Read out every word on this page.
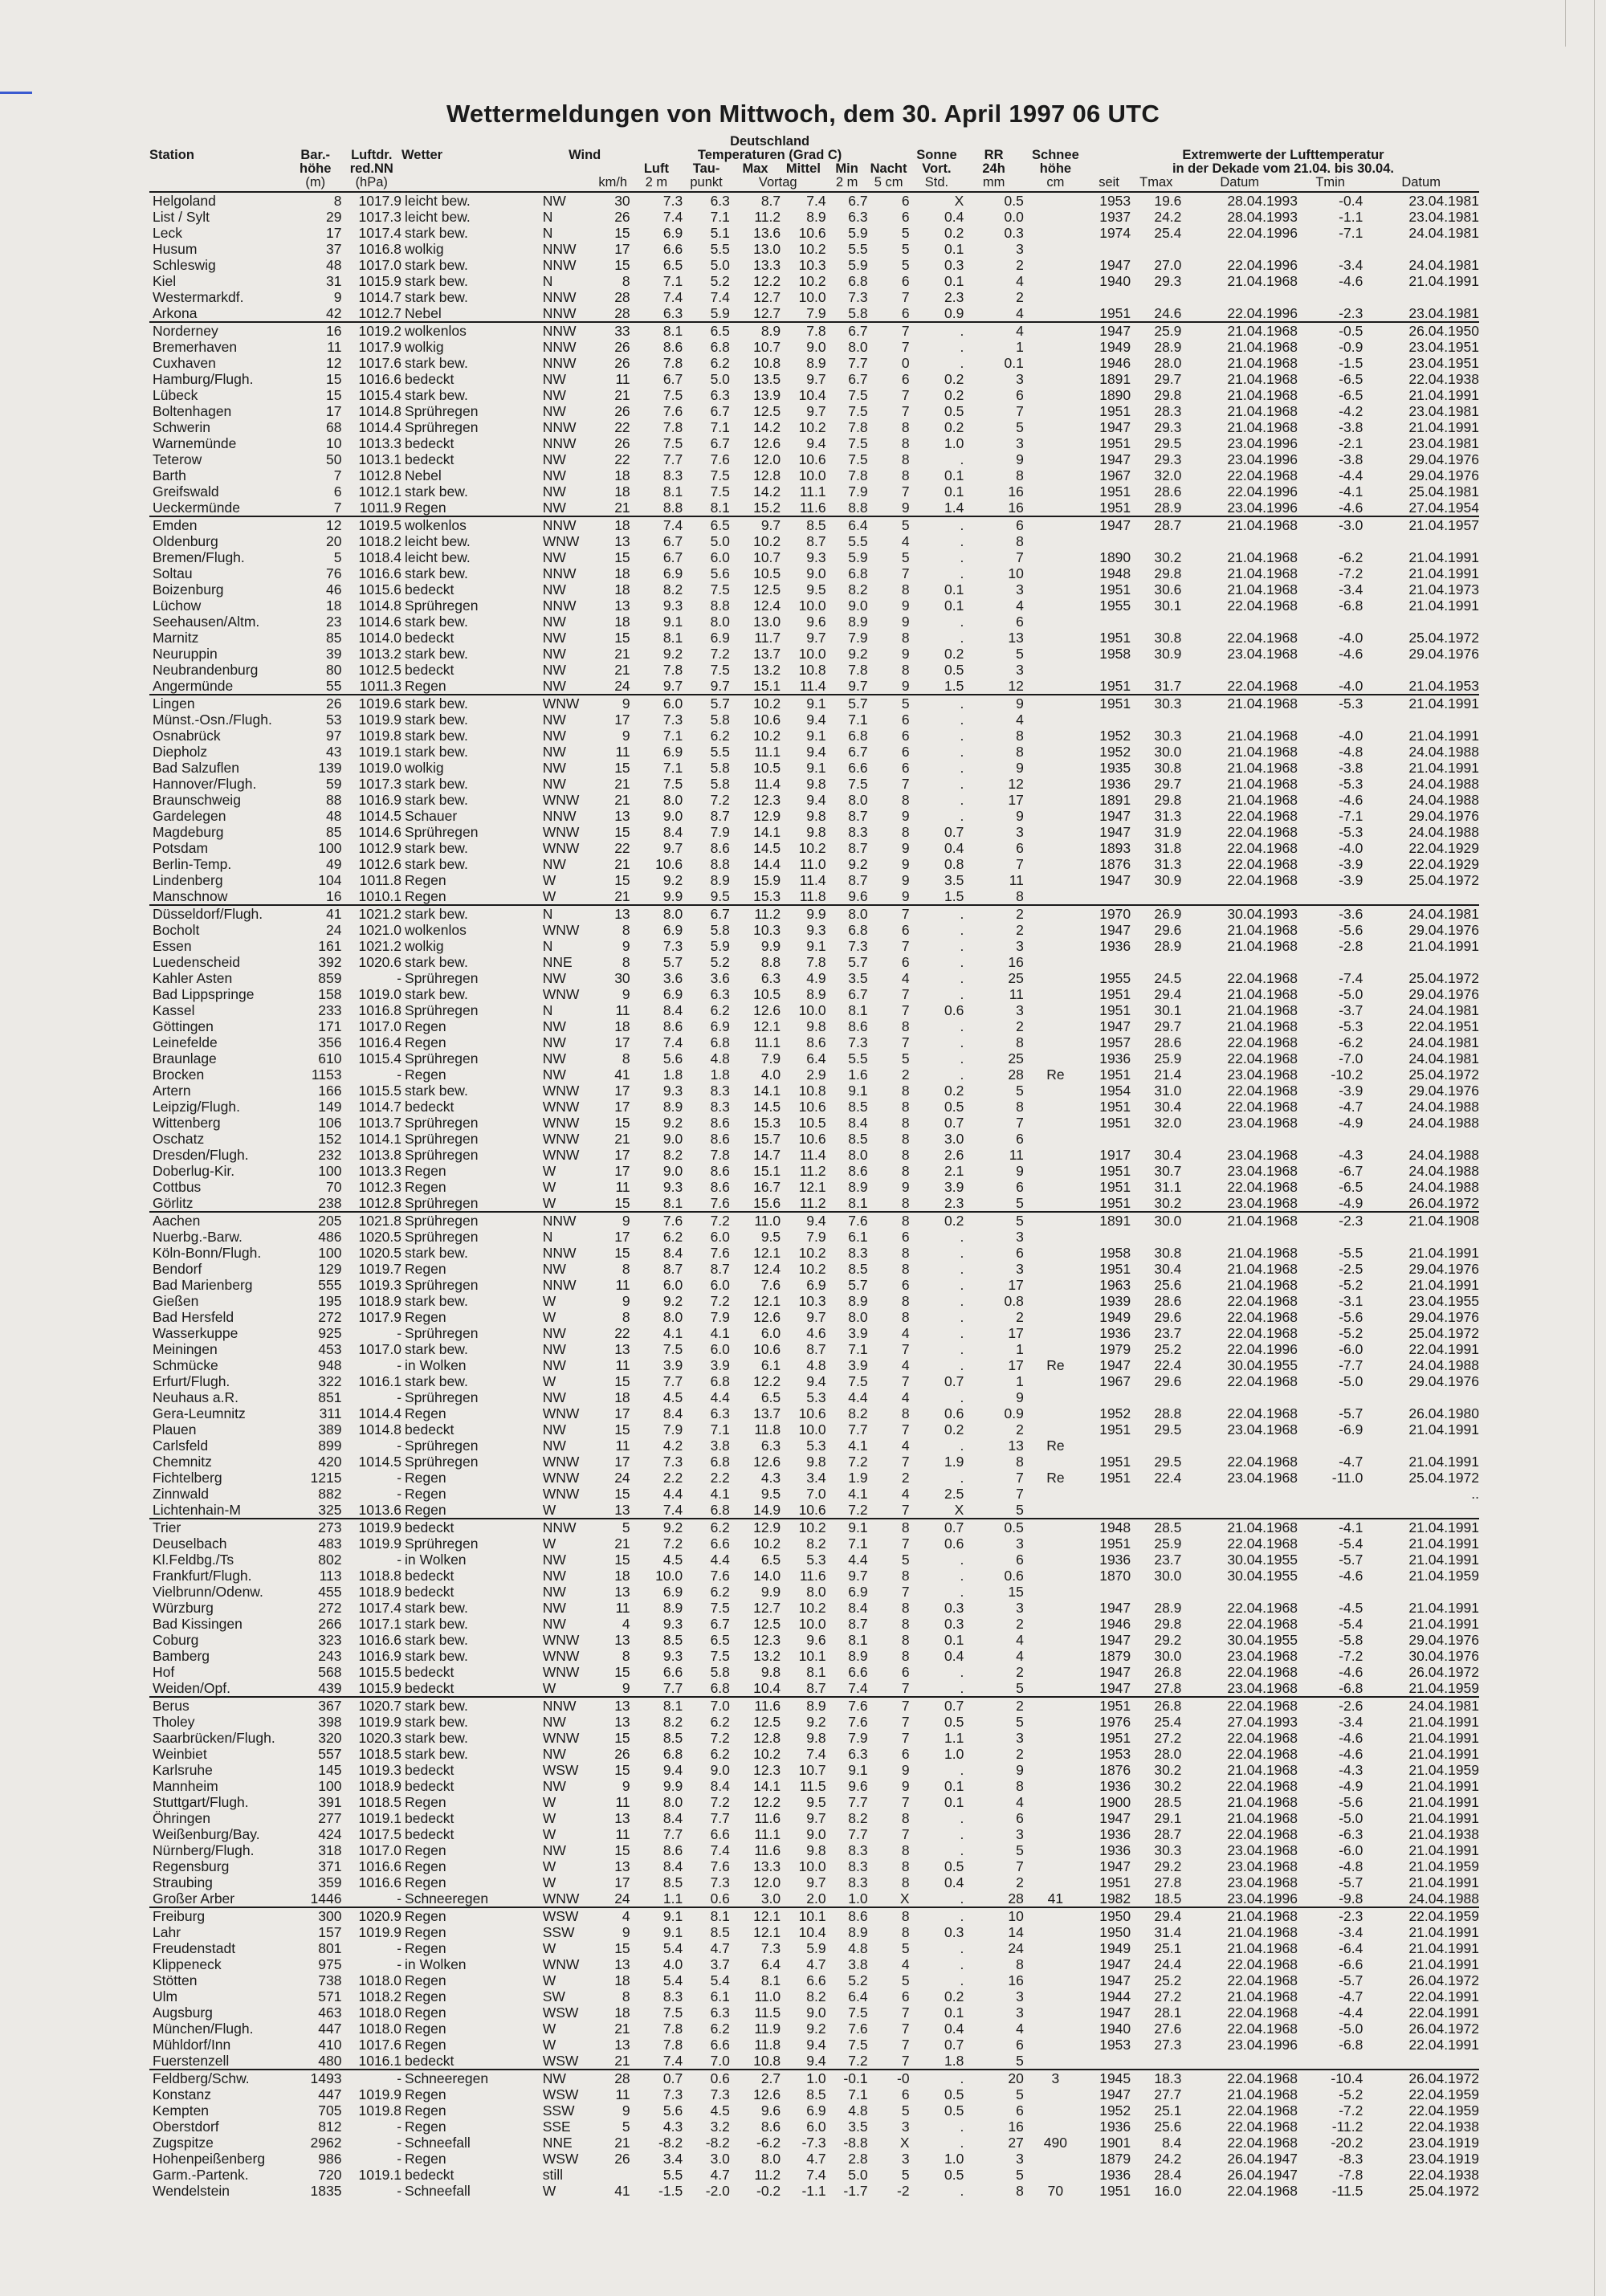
Wettermeldungen von Mittwoch, dem 30. April 1997 06 UTC
						Deutschland													
Station	Bar.-	Luftdr.	Wetter	Wind		Temperaturen (Grad C)						Sonne	RR	Schnee	Extremwerte der Lufttemperatur				
	höhe	red.NN				Luft	Tau-	Max	Mittel	Min	Nacht	Vort.	24h	höhe	in der Dekade vom 21.04. bis 30.04.				
	(m)	(hPa)			km/h	2 m	punkt	Vortag		2 m	5 cm	Std.	mm	cm	seit	Tmax	Datum	Tmin	Datum
Helgoland	8	1017.9	leicht bew.	NW	30	7.3	6.3	8.7	7.4	6.7	6	X	0.5		1953	19.6	28.04.1993	-0.4	23.04.1981
List / Sylt	29	1017.3	leicht bew.	N	26	7.4	7.1	11.2	8.9	6.3	6	0.4	0.0		1937	24.2	28.04.1993	-1.1	23.04.1981
Leck	17	1017.4	stark bew.	N	15	6.9	5.1	13.6	10.6	5.9	5	0.2	0.3		1974	25.4	22.04.1996	-7.1	24.04.1981
Husum	37	1016.8	wolkig	NNW	17	6.6	5.5	13.0	10.2	5.5	5	0.1	3						
Schleswig	48	1017.0	stark bew.	NNW	15	6.5	5.0	13.3	10.3	5.9	5	0.3	2		1947	27.0	22.04.1996	-3.4	24.04.1981
Kiel	31	1015.9	stark bew.	N	8	7.1	5.2	12.2	10.2	6.8	6	0.1	4		1940	29.3	21.04.1968	-4.6	21.04.1991
Westermarkdf.	9	1014.7	stark bew.	NNW	28	7.4	7.4	12.7	10.0	7.3	7	2.3	2						
Arkona	42	1012.7	Nebel	NNW	28	6.3	5.9	12.7	7.9	5.8	6	0.9	4		1951	24.6	22.04.1996	-2.3	23.04.1981
Norderney	16	1019.2	wolkenlos	NNW	33	8.1	6.5	8.9	7.8	6.7	7	.	4		1947	25.9	21.04.1968	-0.5	26.04.1950
Bremerhaven	11	1017.9	wolkig	NNW	26	8.6	6.8	10.7	9.0	8.0	7	.	1		1949	28.9	21.04.1968	-0.9	23.04.1951
Cuxhaven	12	1017.6	stark bew.	NNW	26	7.8	6.2	10.8	8.9	7.7	0	.	0.1		1946	28.0	21.04.1968	-1.5	23.04.1951
Hamburg/Flugh.	15	1016.6	bedeckt	NW	11	6.7	5.0	13.5	9.7	6.7	6	0.2	3		1891	29.7	21.04.1968	-6.5	22.04.1938
Lübeck	15	1015.4	stark bew.	NW	21	7.5	6.3	13.9	10.4	7.5	7	0.2	6		1890	29.8	21.04.1968	-6.5	21.04.1991
Boltenhagen	17	1014.8	Sprühregen	NW	26	7.6	6.7	12.5	9.7	7.5	7	0.5	7		1951	28.3	21.04.1968	-4.2	23.04.1981
Schwerin	68	1014.4	Sprühregen	NNW	22	7.8	7.1	14.2	10.2	7.8	8	0.2	5		1947	29.3	21.04.1968	-3.8	21.04.1991
Warnemünde	10	1013.3	bedeckt	NNW	26	7.5	6.7	12.6	9.4	7.5	8	1.0	3		1951	29.5	23.04.1996	-2.1	23.04.1981
Teterow	50	1013.1	bedeckt	NW	22	7.7	7.6	12.0	10.6	7.5	8	.	9		1947	29.3	23.04.1996	-3.8	29.04.1976
Barth	7	1012.8	Nebel	NW	18	8.3	7.5	12.8	10.0	7.8	8	0.1	8		1967	32.0	22.04.1968	-4.4	29.04.1976
Greifswald	6	1012.1	stark bew.	NW	18	8.1	7.5	14.2	11.1	7.9	7	0.1	16		1951	28.6	22.04.1996	-4.1	25.04.1981
Ueckermünde	7	1011.9	Regen	NW	21	8.8	8.1	15.2	11.6	8.8	9	1.4	16		1951	28.9	23.04.1996	-4.6	27.04.1954
Emden	12	1019.5	wolkenlos	NNW	18	7.4	6.5	9.7	8.5	6.4	5	.	6		1947	28.7	21.04.1968	-3.0	21.04.1957
Oldenburg	20	1018.2	leicht bew.	WNW	13	6.7	5.0	10.2	8.7	5.5	4	.	8						
Bremen/Flugh.	5	1018.4	leicht bew.	NW	15	6.7	6.0	10.7	9.3	5.9	5	.	7		1890	30.2	21.04.1968	-6.2	21.04.1991
Soltau	76	1016.6	stark bew.	NNW	18	6.9	5.6	10.5	9.0	6.8	7	.	10		1948	29.8	21.04.1968	-7.2	21.04.1991
Boizenburg	46	1015.6	bedeckt	NW	18	8.2	7.5	12.5	9.5	8.2	8	0.1	3		1951	30.6	21.04.1968	-3.4	21.04.1973
Lüchow	18	1014.8	Sprühregen	NNW	13	9.3	8.8	12.4	10.0	9.0	9	0.1	4		1955	30.1	22.04.1968	-6.8	21.04.1991
Seehausen/Altm.	23	1014.6	stark bew.	NW	18	9.1	8.0	13.0	9.6	8.9	9	.	6						
Marnitz	85	1014.0	bedeckt	NW	15	8.1	6.9	11.7	9.7	7.9	8	.	13		1951	30.8	22.04.1968	-4.0	25.04.1972
Neuruppin	39	1013.2	stark bew.	NW	21	9.2	7.2	13.7	10.0	9.2	9	0.2	5		1958	30.9	23.04.1968	-4.6	29.04.1976
Neubrandenburg	80	1012.5	bedeckt	NW	21	7.8	7.5	13.2	10.8	7.8	8	0.5	3						
Angermünde	55	1011.3	Regen	NW	24	9.7	9.7	15.1	11.4	9.7	9	1.5	12		1951	31.7	22.04.1968	-4.0	21.04.1953
Lingen	26	1019.6	stark bew.	WNW	9	6.0	5.7	10.2	9.1	5.7	5	.	9		1951	30.3	21.04.1968	-5.3	21.04.1991
Münst.-Osn./Flugh.	53	1019.9	stark bew.	NW	17	7.3	5.8	10.6	9.4	7.1	6	.	4						
Osnabrück	97	1019.8	stark bew.	NW	9	7.1	6.2	10.2	9.1	6.8	6	.	8		1952	30.3	21.04.1968	-4.0	21.04.1991
Diepholz	43	1019.1	stark bew.	NW	11	6.9	5.5	11.1	9.4	6.7	6	.	8		1952	30.0	21.04.1968	-4.8	24.04.1988
Bad Salzuflen	139	1019.0	wolkig	NW	15	7.1	5.8	10.5	9.1	6.6	6	.	9		1935	30.8	21.04.1968	-3.8	21.04.1991
Hannover/Flugh.	59	1017.3	stark bew.	NW	21	7.5	5.8	11.4	9.8	7.5	7	.	12		1936	29.7	21.04.1968	-5.3	24.04.1988
Braunschweig	88	1016.9	stark bew.	WNW	21	8.0	7.2	12.3	9.4	8.0	8	.	17		1891	29.8	21.04.1968	-4.6	24.04.1988
Gardelegen	48	1014.5	Schauer	NNW	13	9.0	8.7	12.9	9.8	8.7	9	.	9		1947	31.3	22.04.1968	-7.1	29.04.1976
Magdeburg	85	1014.6	Sprühregen	WNW	15	8.4	7.9	14.1	9.8	8.3	8	0.7	3		1947	31.9	22.04.1968	-5.3	24.04.1988
Potsdam	100	1012.9	stark bew.	WNW	22	9.7	8.6	14.5	10.2	8.7	9	0.4	6		1893	31.8	22.04.1968	-4.0	22.04.1929
Berlin-Temp.	49	1012.6	stark bew.	NW	21	10.6	8.8	14.4	11.0	9.2	9	0.8	7		1876	31.3	22.04.1968	-3.9	22.04.1929
Lindenberg	104	1011.8	Regen	W	15	9.2	8.9	15.9	11.4	8.7	9	3.5	11		1947	30.9	22.04.1968	-3.9	25.04.1972
Manschnow	16	1010.1	Regen	W	21	9.9	9.5	15.3	11.8	9.6	9	1.5	8						
Düsseldorf/Flugh.	41	1021.2	stark bew.	N	13	8.0	6.7	11.2	9.9	8.0	7	.	2		1970	26.9	30.04.1993	-3.6	24.04.1981
Bocholt	24	1021.0	wolkenlos	WNW	8	6.9	5.8	10.3	9.3	6.8	6	.	2		1947	29.6	21.04.1968	-5.6	29.04.1976
Essen	161	1021.2	wolkig	N	9	7.3	5.9	9.9	9.1	7.3	7	.	3		1936	28.9	21.04.1968	-2.8	21.04.1991
Luedenscheid	392	1020.6	stark bew.	NNE	8	5.7	5.2	8.8	7.8	5.7	6	.	16						
Kahler Asten	859	-	Sprühregen	NW	30	3.6	3.6	6.3	4.9	3.5	4	.	25		1955	24.5	22.04.1968	-7.4	25.04.1972
Bad Lippspringe	158	1019.0	stark bew.	WNW	9	6.9	6.3	10.5	8.9	6.7	7	.	11		1951	29.4	21.04.1968	-5.0	29.04.1976
Kassel	233	1016.8	Sprühregen	N	11	8.4	6.2	12.6	10.0	8.1	7	0.6	3		1951	30.1	21.04.1968	-3.7	24.04.1981
Göttingen	171	1017.0	Regen	NW	18	8.6	6.9	12.1	9.8	8.6	8	.	2		1947	29.7	21.04.1968	-5.3	22.04.1951
Leinefelde	356	1016.4	Regen	NW	17	7.4	6.8	11.1	8.6	7.3	7	.	8		1957	28.6	22.04.1968	-6.2	24.04.1981
Braunlage	610	1015.4	Sprühregen	NW	8	5.6	4.8	7.9	6.4	5.5	5	.	25		1936	25.9	22.04.1968	-7.0	24.04.1981
Brocken	1153	-	Regen	NW	41	1.8	1.8	4.0	2.9	1.6	2	.	28	Re	1951	21.4	23.04.1968	-10.2	25.04.1972
Artern	166	1015.5	stark bew.	WNW	17	9.3	8.3	14.1	10.8	9.1	8	0.2	5		1954	31.0	22.04.1968	-3.9	29.04.1976
Leipzig/Flugh.	149	1014.7	bedeckt	WNW	17	8.9	8.3	14.5	10.6	8.5	8	0.5	8		1951	30.4	22.04.1968	-4.7	24.04.1988
Wittenberg	106	1013.7	Sprühregen	WNW	15	9.2	8.6	15.3	10.5	8.4	8	0.7	7		1951	32.0	23.04.1968	-4.9	24.04.1988
Oschatz	152	1014.1	Sprühregen	WNW	21	9.0	8.6	15.7	10.6	8.5	8	3.0	6						
Dresden/Flugh.	232	1013.8	Sprühregen	WNW	17	8.2	7.8	14.7	11.4	8.0	8	2.6	11		1917	30.4	23.04.1968	-4.3	24.04.1988
Doberlug-Kir.	100	1013.3	Regen	W	17	9.0	8.6	15.1	11.2	8.6	8	2.1	9		1951	30.7	23.04.1968	-6.7	24.04.1988
Cottbus	70	1012.3	Regen	W	11	9.3	8.6	16.7	12.1	8.9	9	3.9	6		1951	31.1	22.04.1968	-6.5	24.04.1988
Görlitz	238	1012.8	Sprühregen	W	15	8.1	7.6	15.6	11.2	8.1	8	2.3	5		1951	30.2	23.04.1968	-4.9	26.04.1972
Aachen	205	1021.8	Sprühregen	NNW	9	7.6	7.2	11.0	9.4	7.6	8	0.2	5		1891	30.0	21.04.1968	-2.3	21.04.1908
Nuerbg.-Barw.	486	1020.5	Sprühregen	N	17	6.2	6.0	9.5	7.9	6.1	6	.	3						
Köln-Bonn/Flugh.	100	1020.5	stark bew.	NNW	15	8.4	7.6	12.1	10.2	8.3	8	.	6		1958	30.8	21.04.1968	-5.5	21.04.1991
Bendorf	129	1019.7	Regen	NW	8	8.7	8.7	12.4	10.2	8.5	8	.	3		1951	30.4	21.04.1968	-2.5	29.04.1976
Bad Marienberg	555	1019.3	Sprühregen	NNW	11	6.0	6.0	7.6	6.9	5.7	6	.	17		1963	25.6	21.04.1968	-5.2	21.04.1991
Gießen	195	1018.9	stark bew.	W	9	9.2	7.2	12.1	10.3	8.9	8	.	0.8		1939	28.6	22.04.1968	-3.1	23.04.1955
Bad Hersfeld	272	1017.9	Regen	W	8	8.0	7.9	12.6	9.7	8.0	8	.	2		1949	29.6	22.04.1968	-5.6	29.04.1976
Wasserkuppe	925	-	Sprühregen	NW	22	4.1	4.1	6.0	4.6	3.9	4	.	17		1936	23.7	22.04.1968	-5.2	25.04.1972
Meiningen	453	1017.0	stark bew.	NW	13	7.5	6.0	10.6	8.7	7.1	7	.	1		1979	25.2	22.04.1996	-6.0	22.04.1991
Schmücke	948	-	in Wolken	NW	11	3.9	3.9	6.1	4.8	3.9	4	.	17	Re	1947	22.4	30.04.1955	-7.7	24.04.1988
Erfurt/Flugh.	322	1016.1	stark bew.	W	15	7.7	6.8	12.2	9.4	7.5	7	0.7	1		1967	29.6	22.04.1968	-5.0	29.04.1976
Neuhaus a.R.	851	-	Sprühregen	NW	18	4.5	4.4	6.5	5.3	4.4	4	.	9						
Gera-Leumnitz	311	1014.4	Regen	WNW	17	8.4	6.3	13.7	10.6	8.2	8	0.6	0.9		1952	28.8	22.04.1968	-5.7	26.04.1980
Plauen	389	1014.8	bedeckt	NW	15	7.9	7.1	11.8	10.0	7.7	7	0.2	2		1951	29.5	23.04.1968	-6.9	21.04.1991
Carlsfeld	899	-	Sprühregen	NW	11	4.2	3.8	6.3	5.3	4.1	4	.	13	Re					
Chemnitz	420	1014.5	Sprühregen	WNW	17	7.3	6.8	12.6	9.8	7.2	7	1.9	8		1951	29.5	22.04.1968	-4.7	21.04.1991
Fichtelberg	1215	-	Regen	WNW	24	2.2	2.2	4.3	3.4	1.9	2	.	7	Re	1951	22.4	23.04.1968	-11.0	25.04.1972
Zinnwald	882	-	Regen	WNW	15	4.4	4.1	9.5	7.0	4.1	4	2.5	7						..
Lichtenhain-M	325	1013.6	Regen	W	13	7.4	6.8	14.9	10.6	7.2	7	X	5						
Trier	273	1019.9	bedeckt	NNW	5	9.2	6.2	12.9	10.2	9.1	8	0.7	0.5		1948	28.5	21.04.1968	-4.1	21.04.1991
Deuselbach	483	1019.9	Sprühregen	W	21	7.2	6.6	10.2	8.2	7.1	7	0.6	3		1951	25.9	22.04.1968	-5.4	21.04.1991
Kl.Feldbg./Ts	802	-	in Wolken	NW	15	4.5	4.4	6.5	5.3	4.4	5	.	6		1936	23.7	30.04.1955	-5.7	21.04.1991
Frankfurt/Flugh.	113	1018.8	bedeckt	NW	18	10.0	7.6	14.0	11.6	9.7	8	.	0.6		1870	30.0	30.04.1955	-4.6	21.04.1959
Vielbrunn/Odenw.	455	1018.9	bedeckt	NW	13	6.9	6.2	9.9	8.0	6.9	7	.	15						
Würzburg	272	1017.4	stark bew.	NW	11	8.9	7.5	12.7	10.2	8.4	8	0.3	3		1947	28.9	22.04.1968	-4.5	21.04.1991
Bad Kissingen	266	1017.1	stark bew.	NW	4	9.3	6.7	12.5	10.0	8.7	8	0.3	2		1946	29.8	22.04.1968	-5.4	21.04.1991
Coburg	323	1016.6	stark bew.	WNW	13	8.5	6.5	12.3	9.6	8.1	8	0.1	4		1947	29.2	30.04.1955	-5.8	29.04.1976
Bamberg	243	1016.9	stark bew.	WNW	8	9.3	7.5	13.2	10.1	8.9	8	0.4	4		1879	30.0	23.04.1968	-7.2	30.04.1976
Hof	568	1015.5	bedeckt	WNW	15	6.6	5.8	9.8	8.1	6.6	6	.	2		1947	26.8	22.04.1968	-4.6	26.04.1972
Weiden/Opf.	439	1015.9	bedeckt	W	9	7.7	6.8	10.4	8.7	7.4	7	.	5		1947	27.8	23.04.1968	-6.8	21.04.1959
Berus	367	1020.7	stark bew.	NNW	13	8.1	7.0	11.6	8.9	7.6	7	0.7	2		1951	26.8	22.04.1968	-2.6	24.04.1981
Tholey	398	1019.9	stark bew.	NW	13	8.2	6.2	12.5	9.2	7.6	7	0.5	5		1976	25.4	27.04.1993	-3.4	21.04.1991
Saarbrücken/Flugh.	320	1020.3	stark bew.	WNW	15	8.5	7.2	12.8	9.8	7.9	7	1.1	3		1951	27.2	22.04.1968	-4.6	21.04.1991
Weinbiet	557	1018.5	stark bew.	NW	26	6.8	6.2	10.2	7.4	6.3	6	1.0	2		1953	28.0	22.04.1968	-4.6	21.04.1991
Karlsruhe	145	1019.3	bedeckt	WSW	15	9.4	9.0	12.3	10.7	9.1	9	.	9		1876	30.2	21.04.1968	-4.3	21.04.1959
Mannheim	100	1018.9	bedeckt	NW	9	9.9	8.4	14.1	11.5	9.6	9	0.1	8		1936	30.2	22.04.1968	-4.9	21.04.1991
Stuttgart/Flugh.	391	1018.5	Regen	W	11	8.0	7.2	12.2	9.5	7.7	7	0.1	4		1900	28.5	21.04.1968	-5.6	21.04.1991
Öhringen	277	1019.1	bedeckt	W	13	8.4	7.7	11.6	9.7	8.2	8	.	6		1947	29.1	21.04.1968	-5.0	21.04.1991
Weißenburg/Bay.	424	1017.5	bedeckt	W	11	7.7	6.6	11.1	9.0	7.7	7	.	3		1936	28.7	22.04.1968	-6.3	21.04.1938
Nürnberg/Flugh.	318	1017.0	Regen	NW	15	8.6	7.4	11.6	9.8	8.3	8	.	5		1936	30.3	23.04.1968	-6.0	21.04.1991
Regensburg	371	1016.6	Regen	W	13	8.4	7.6	13.3	10.0	8.3	8	0.5	7		1947	29.2	23.04.1968	-4.8	21.04.1959
Straubing	359	1016.6	Regen	W	17	8.5	7.3	12.0	9.7	8.3	8	0.4	2		1951	27.8	23.04.1968	-5.7	21.04.1991
Großer Arber	1446	-	Schneeregen	WNW	24	1.1	0.6	3.0	2.0	1.0	X	.	28	41	1982	18.5	23.04.1996	-9.8	24.04.1988
Freiburg	300	1020.9	Regen	WSW	4	9.1	8.1	12.1	10.1	8.6	8	.	10		1950	29.4	21.04.1968	-2.3	22.04.1959
Lahr	157	1019.9	Regen	SSW	9	9.1	8.5	12.1	10.4	8.9	8	0.3	14		1950	31.4	21.04.1968	-3.4	21.04.1991
Freudenstadt	801	-	Regen	W	15	5.4	4.7	7.3	5.9	4.8	5	.	24		1949	25.1	21.04.1968	-6.4	21.04.1991
Klippeneck	975	-	in Wolken	WNW	13	4.0	3.7	6.4	4.7	3.8	4	.	8		1947	24.4	22.04.1968	-6.6	21.04.1991
Stötten	738	1018.0	Regen	W	18	5.4	5.4	8.1	6.6	5.2	5	.	16		1947	25.2	22.04.1968	-5.7	26.04.1972
Ulm	571	1018.2	Regen	SW	8	8.3	6.1	11.0	8.2	6.4	6	0.2	3		1944	27.2	21.04.1968	-4.7	22.04.1991
Augsburg	463	1018.0	Regen	WSW	18	7.5	6.3	11.5	9.0	7.5	7	0.1	3		1947	28.1	22.04.1968	-4.4	22.04.1991
München/Flugh.	447	1018.0	Regen	W	21	7.8	6.2	11.9	9.2	7.6	7	0.4	4		1940	27.6	22.04.1968	-5.0	26.04.1972
Mühldorf/Inn	410	1017.6	Regen	W	13	7.8	6.6	11.8	9.4	7.5	7	0.7	6		1953	27.3	23.04.1996	-6.8	22.04.1991
Fuerstenzell	480	1016.1	bedeckt	WSW	21	7.4	7.0	10.8	9.4	7.2	7	1.8	5						
Feldberg/Schw.	1493	-	Schneeregen	NW	28	0.7	0.6	2.7	1.0	-0.1	-0	.	20	3	1945	18.3	22.04.1968	-10.4	26.04.1972
Konstanz	447	1019.9	Regen	WSW	11	7.3	7.3	12.6	8.5	7.1	6	0.5	5		1947	27.7	21.04.1968	-5.2	22.04.1959
Kempten	705	1019.8	Regen	SSW	9	5.6	4.5	9.6	6.9	4.8	5	0.5	6		1952	25.1	22.04.1968	-7.2	22.04.1959
Oberstdorf	812	-	Regen	SSE	5	4.3	3.2	8.6	6.0	3.5	3	.	16		1936	25.6	22.04.1968	-11.2	22.04.1938
Zugspitze	2962	-	Schneefall	NNE	21	-8.2	-8.2	-6.2	-7.3	-8.8	X	.	27	490	1901	8.4	22.04.1968	-20.2	23.04.1919
Hohenpeißenberg	986	-	Regen	WSW	26	3.4	3.0	8.0	4.7	2.8	3	1.0	3		1879	24.2	26.04.1947	-8.3	23.04.1919
Garm.-Partenk.	720	1019.1	bedeckt	still		5.5	4.7	11.2	7.4	5.0	5	0.5	5		1936	28.4	26.04.1947	-7.8	22.04.1938
Wendelstein	1835	-	Schneefall	W	41	-1.5	-2.0	-0.2	-1.1	-1.7	-2	.	8	70	1951	16.0	22.04.1968	-11.5	25.04.1972
